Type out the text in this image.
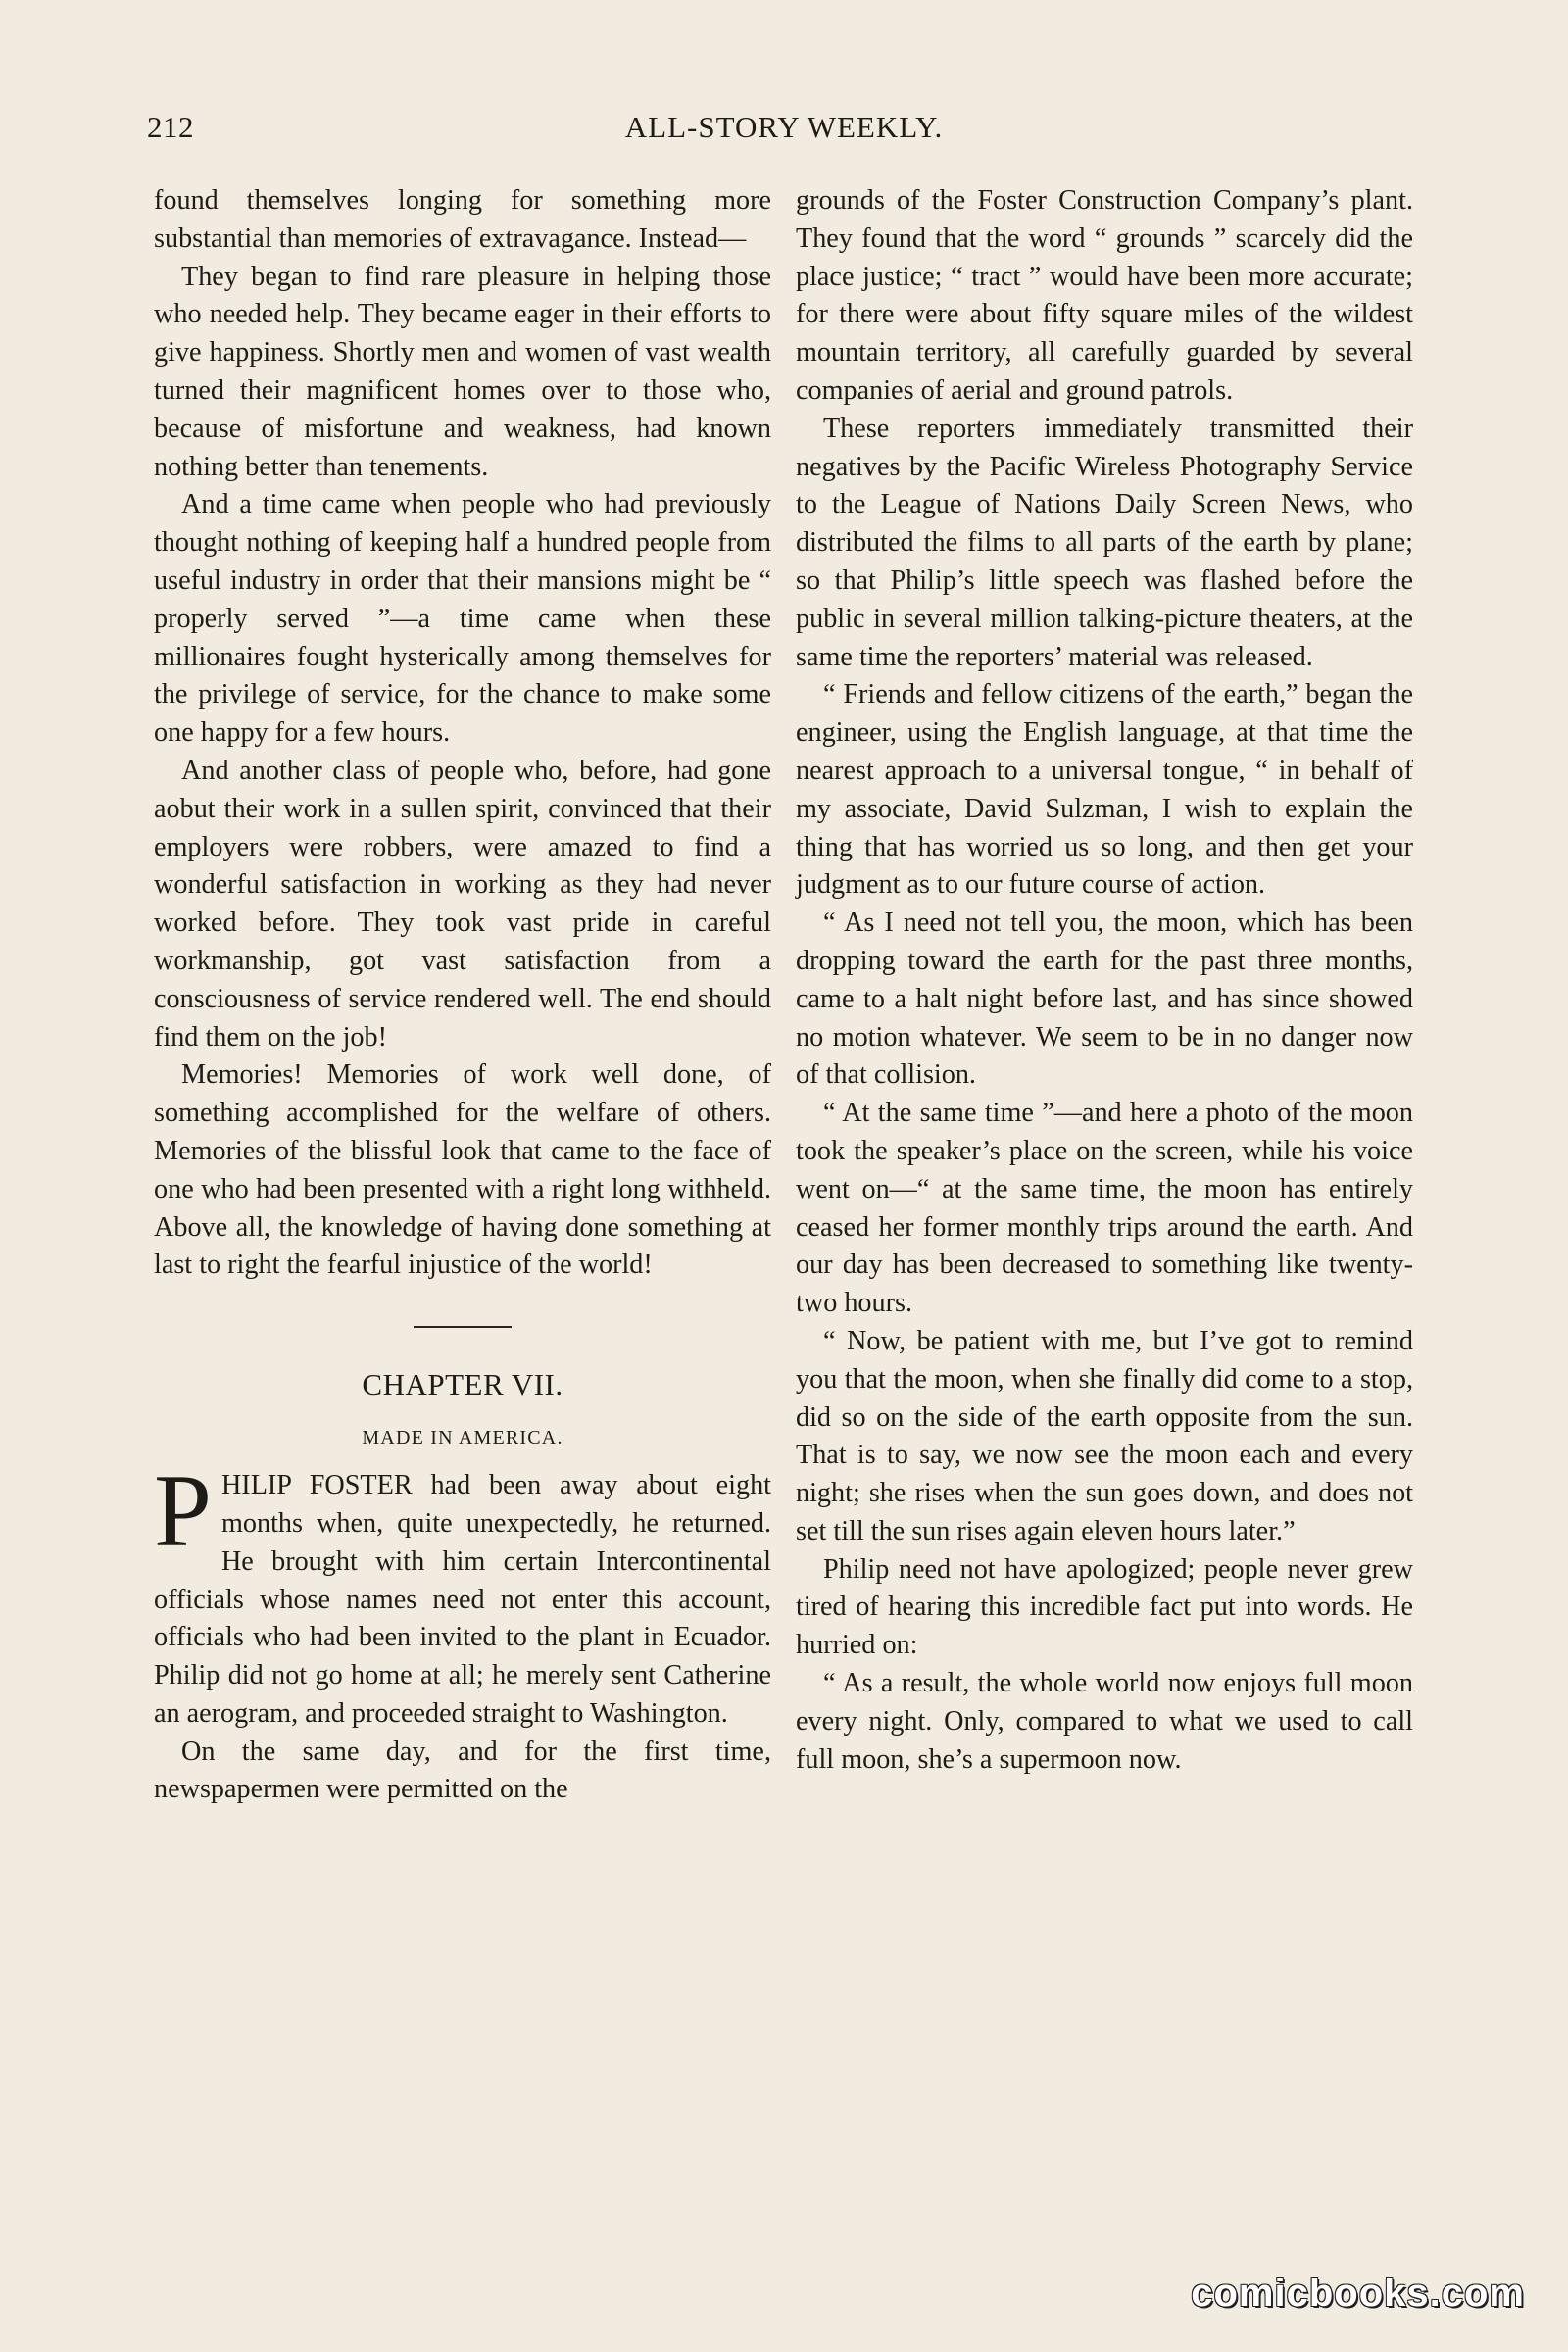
212	ALL-STORY WEEKLY.

found themselves longing for something more substantial than memories of extravagance. Instead—

They began to find rare pleasure in helping those who needed help. They became eager in their efforts to give happiness. Shortly men and women of vast wealth turned their magnificent homes over to those who, because of misfortune and weakness, had known nothing better than tenements.

And a time came when people who had previously thought nothing of keeping half a hundred people from useful industry in order that their mansions might be “ properly served ”—a time came when these millionaires fought hysterically among themselves for the privilege of service, for the chance to make some one happy for a few hours.

And another class of people who, before, had gone aobut their work in a sullen spirit, convinced that their employers were robbers, were amazed to find a wonderful satisfaction in working as they had never worked before. They took vast pride in careful workmanship, got vast satisfaction from a consciousness of service rendered well. The end should find them on the job!

Memories! Memories of work well done, of something accomplished for the welfare of others. Memories of the blissful look that came to the face of one who had been presented with a right long withheld. Above all, the knowledge of having done something at last to right the fearful injustice of the world!

CHAPTER VII.
MADE IN AMERICA.

PHILIP FOSTER had been away about eight months when, quite unexpectedly, he returned. He brought with him certain Intercontinental officials whose names need not enter this account, officials who had been invited to the plant in Ecuador. Philip did not go home at all; he merely sent Catherine an aerogram, and proceeded straight to Washington.

On the same day, and for the first time, newspapermen were permitted on the

grounds of the Foster Construction Company’s plant. They found that the word “ grounds ” scarcely did the place justice; “ tract ” would have been more accurate; for there were about fifty square miles of the wildest mountain territory, all carefully guarded by several companies of aerial and ground patrols.

These reporters immediately transmitted their negatives by the Pacific Wireless Photography Service to the League of Nations Daily Screen News, who distributed the films to all parts of the earth by plane; so that Philip’s little speech was flashed before the public in several million talking-picture theaters, at the same time the reporters’ material was released.

“ Friends and fellow citizens of the earth,” began the engineer, using the English language, at that time the nearest approach to a universal tongue, “ in behalf of my associate, David Sulzman, I wish to explain the thing that has worried us so long, and then get your judgment as to our future course of action.

“ As I need not tell you, the moon, which has been dropping toward the earth for the past three months, came to a halt night before last, and has since showed no motion whatever. We seem to be in no danger now of that collision.

“ At the same time ”—and here a photo of the moon took the speaker’s place on the screen, while his voice went on—“ at the same time, the moon has entirely ceased her former monthly trips around the earth. And our day has been decreased to something like twenty-two hours.

“ Now, be patient with me, but I’ve got to remind you that the moon, when she finally did come to a stop, did so on the side of the earth opposite from the sun. That is to say, we now see the moon each and every night; she rises when the sun goes down, and does not set till the sun rises again eleven hours later.”

Philip need not have apologized; people never grew tired of hearing this incredible fact put into words. He hurried on:

“ As a result, the whole world now enjoys full moon every night. Only, compared to what we used to call full moon, she’s a supermoon now.

comicbooks.com
